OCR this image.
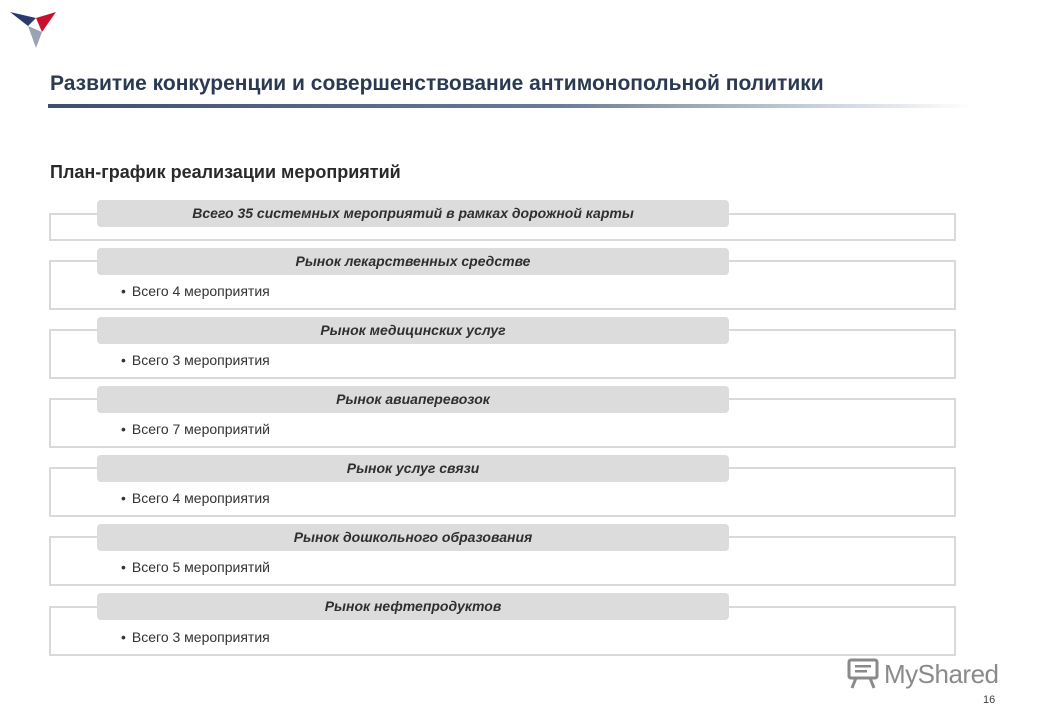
Развитие конкуренции и совершенствование антимонопольной политики
План-график реализации мероприятий
Всего 35 системных мероприятий в рамках дорожной карты
Рынок лекарственных средстве
• Всего 4 мероприятия
Рынок медицинских услуг
• Всего 3 мероприятия
Рынок авиаперевозок
• Всего 7 мероприятий
Рынок услуг связи
• Всего 4 мероприятия
Рынок дошкольного образования
• Всего 5 мероприятий
Рынок нефтепродуктов
• Всего 3 мероприятия
MyShared
16
